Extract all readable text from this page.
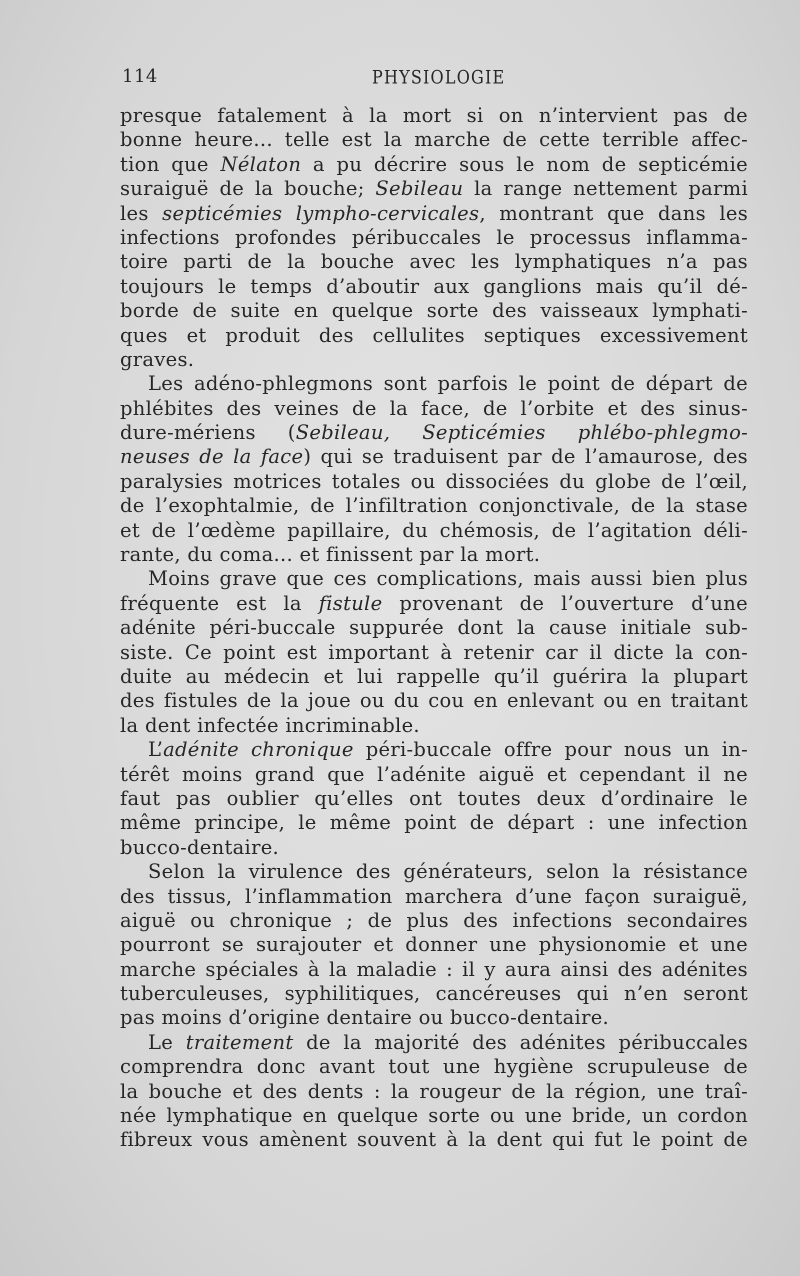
114	PHYSIOLOGIE
presque fatalement à la mort si on n’intervient pas de
bonne heure... telle est la marche de cette terrible affec-
tion que Nélaton a pu décrire sous le nom de septicémie
suraiguë de la bouche; Sebileau la range nettement parmi
les septicémies lympho-cervicales, montrant que dans les
infections profondes péribuccales le processus inflamma-
toire parti de la bouche avec les lymphatiques n’a pas
toujours le temps d’aboutir aux ganglions mais qu’il dé-
borde de suite en quelque sorte des vaisseaux lymphati-
ques et produit des cellulites septiques excessivement
graves.
Les adéno-phlegmons sont parfois le point de départ de
phlébites des veines de la face, de l’orbite et des sinus-
dure-mériens (Sebileau, Septicémies phlébo-phlegmo-
neuses de la face) qui se traduisent par de l’amaurose, des
paralysies motrices totales ou dissociées du globe de l’œil,
de l’exophtalmie, de l’infiltration conjonctivale, de la stase
et de l’œdème papillaire, du chémosis, de l’agitation déli-
rante, du coma... et finissent par la mort.
Moins grave que ces complications, mais aussi bien plus
fréquente est la fistule provenant de l’ouverture d’une
adénite péri-buccale suppurée dont la cause initiale sub-
siste. Ce point est important à retenir car il dicte la con-
duite au médecin et lui rappelle qu’il guérira la plupart
des fistules de la joue ou du cou en enlevant ou en traitant
la dent infectée incriminable.
L’adénite chronique péri-buccale offre pour nous un in-
térêt moins grand que l’adénite aiguë et cependant il ne
faut pas oublier qu’elles ont toutes deux d’ordinaire le
même principe, le même point de départ : une infection
bucco-dentaire.
Selon la virulence des générateurs, selon la résistance
des tissus, l’inflammation marchera d’une façon suraiguë,
aiguë ou chronique ; de plus des infections secondaires
pourront se surajouter et donner une physionomie et une
marche spéciales à la maladie : il y aura ainsi des adénites
tuberculeuses, syphilitiques, cancéreuses qui n’en seront
pas moins d’origine dentaire ou bucco-dentaire.
Le traitement de la majorité des adénites péribuccales
comprendra donc avant tout une hygiène scrupuleuse de
la bouche et des dents : la rougeur de la région, une traî-
née lymphatique en quelque sorte ou une bride, un cordon
fibreux vous amènent souvent à la dent qui fut le point de
